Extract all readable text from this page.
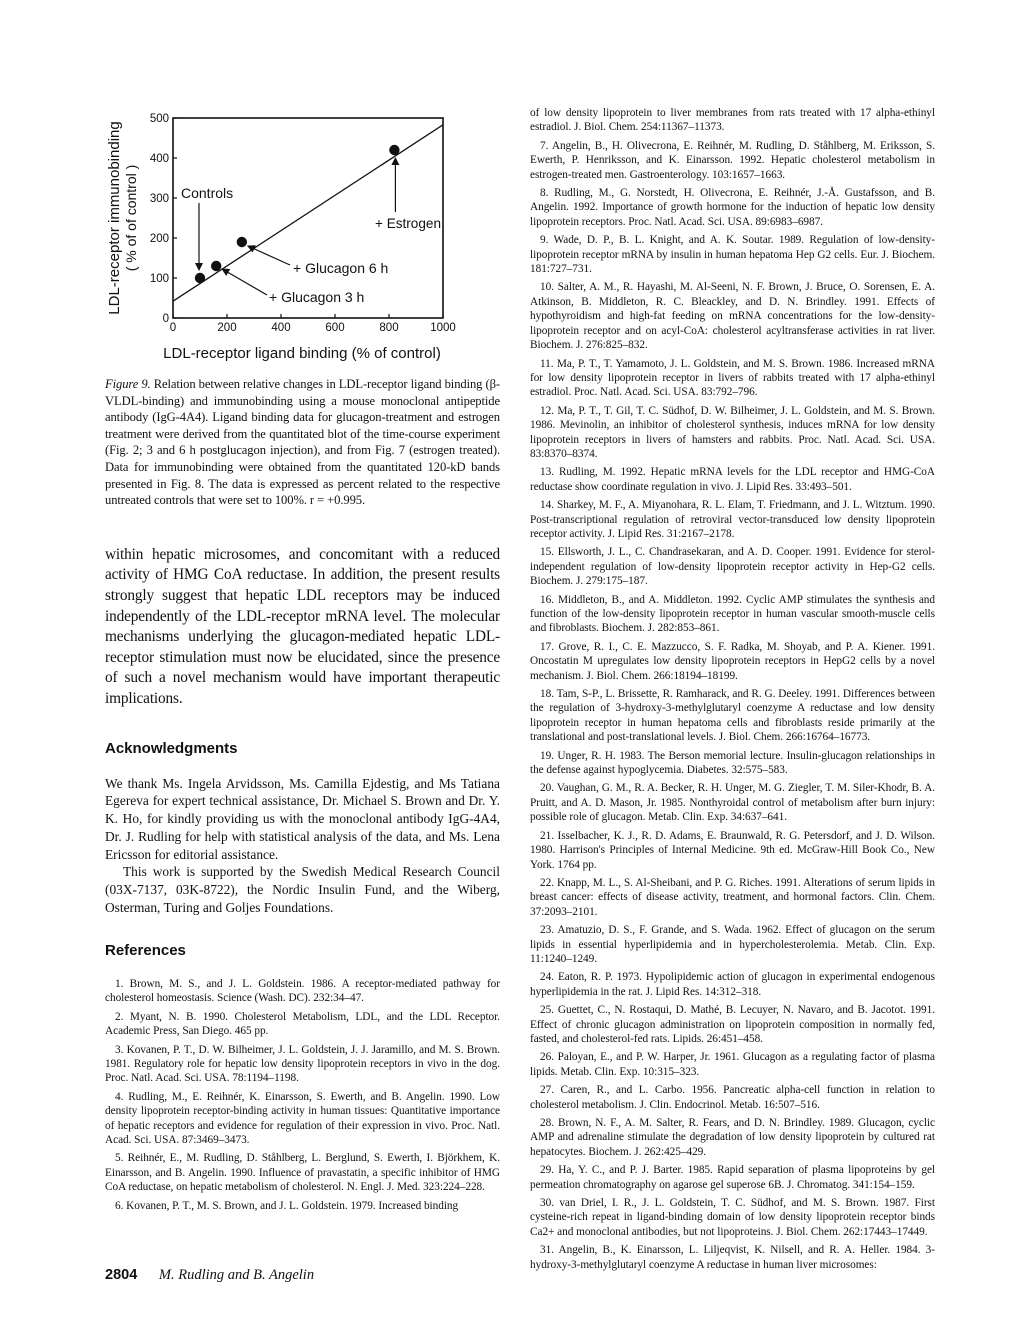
0	200	400	600	800	1000
0
100
200
300
400
500
Controls
+ Glucagon 6 h
+ Glucagon 3 h
+ Estrogen
LDL-receptor ligand binding (% of control)
LDL-receptor immunobinding ( % of of control )
Figure 9. Relation between relative changes in LDL-receptor ligand binding (β-VLDL-binding) and immunobinding using a mouse monoclonal antipeptide antibody (IgG-4A4). Ligand binding data for glucagon-treatment and estrogen treatment were derived from the quantitated blot of the time-course experiment (Fig. 2; 3 and 6 h postglucagon injection), and from Fig. 7 (estrogen treated). Data for immunobinding were obtained from the quantitated 120-kD bands presented in Fig. 8. The data is expressed as percent related to the respective untreated controls that were set to 100%. r = +0.995.
within hepatic microsomes, and concomitant with a reduced activity of HMG CoA reductase. In addition, the present results strongly suggest that hepatic LDL receptors may be induced independently of the LDL-receptor mRNA level. The molecular mechanisms underlying the glucagon-mediated hepatic LDL-receptor stimulation must now be elucidated, since the presence of such a novel mechanism would have important therapeutic implications.
Acknowledgments

We thank Ms. Ingela Arvidsson, Ms. Camilla Ejdestig, and Ms Tatiana Egereva for expert technical assistance, Dr. Michael S. Brown and Dr. Y. K. Ho, for kindly providing us with the monoclonal antibody IgG-4A4, Dr. J. Rudling for help with statistical analysis of the data, and Ms. Lena Ericsson for editorial assistance.

This work is supported by the Swedish Medical Research Council (03X-7137, 03K-8722), the Nordic Insulin Fund, and the Wiberg, Osterman, Turing and Goljes Foundations.

References

1. Brown, M. S., and J. L. Goldstein. 1986. A receptor-mediated pathway for cholesterol homeostasis. Science (Wash. DC). 232:34–47.

2. Myant, N. B. 1990. Cholesterol Metabolism, LDL, and the LDL Receptor. Academic Press, San Diego. 465 pp.

3. Kovanen, P. T., D. W. Bilheimer, J. L. Goldstein, J. J. Jaramillo, and M. S. Brown. 1981. Regulatory role for hepatic low density lipoprotein receptors in vivo in the dog. Proc. Natl. Acad. Sci. USA. 78:1194–1198.

4. Rudling, M., E. Reihnér, K. Einarsson, S. Ewerth, and B. Angelin. 1990. Low density lipoprotein receptor-binding activity in human tissues: Quantitative importance of hepatic receptors and evidence for regulation of their expression in vivo. Proc. Natl. Acad. Sci. USA. 87:3469–3473.

5. Reihnér, E., M. Rudling, D. Ståhlberg, L. Berglund, S. Ewerth, I. Björkhem, K. Einarsson, and B. Angelin. 1990. Influence of pravastatin, a specific inhibitor of HMG CoA reductase, on hepatic metabolism of cholesterol. N. Engl. J. Med. 323:224–228.

6. Kovanen, P. T., M. S. Brown, and J. L. Goldstein. 1979. Increased binding

of low density lipoprotein to liver membranes from rats treated with 17 alpha-ethinyl estradiol. J. Biol. Chem. 254:11367–11373.

7. Angelin, B., H. Olivecrona, E. Reihnér, M. Rudling, D. Ståhlberg, M. Eriksson, S. Ewerth, P. Henriksson, and K. Einarsson. 1992. Hepatic cholesterol metabolism in estrogen-treated men. Gastroenterology. 103:1657–1663.

8. Rudling, M., G. Norstedt, H. Olivecrona, E. Reihnér, J.-Å. Gustafsson, and B. Angelin. 1992. Importance of growth hormone for the induction of hepatic low density lipoprotein receptors. Proc. Natl. Acad. Sci. USA. 89:6983–6987.

9. Wade, D. P., B. L. Knight, and A. K. Soutar. 1989. Regulation of low-density-lipoprotein receptor mRNA by insulin in human hepatoma Hep G2 cells. Eur. J. Biochem. 181:727–731.

10. Salter, A. M., R. Hayashi, M. Al-Seeni, N. F. Brown, J. Bruce, O. Sorensen, E. A. Atkinson, B. Middleton, R. C. Bleackley, and D. N. Brindley. 1991. Effects of hypothyroidism and high-fat feeding on mRNA concentrations for the low-density-lipoprotein receptor and on acyl-CoA: cholesterol acyltransferase activities in rat liver. Biochem. J. 276:825–832.

11. Ma, P. T., T. Yamamoto, J. L. Goldstein, and M. S. Brown. 1986. Increased mRNA for low density lipoprotein receptor in livers of rabbits treated with 17 alpha-ethinyl estradiol. Proc. Natl. Acad. Sci. USA. 83:792–796.

12. Ma, P. T., T. Gil, T. C. Südhof, D. W. Bilheimer, J. L. Goldstein, and M. S. Brown. 1986. Mevinolin, an inhibitor of cholesterol synthesis, induces mRNA for low density lipoprotein receptors in livers of hamsters and rabbits. Proc. Natl. Acad. Sci. USA. 83:8370–8374.

13. Rudling, M. 1992. Hepatic mRNA levels for the LDL receptor and HMG-CoA reductase show coordinate regulation in vivo. J. Lipid Res. 33:493–501.

14. Sharkey, M. F., A. Miyanohara, R. L. Elam, T. Friedmann, and J. L. Witztum. 1990. Post-transcriptional regulation of retroviral vector-transduced low density lipoprotein receptor activity. J. Lipid Res. 31:2167–2178.

15. Ellsworth, J. L., C. Chandrasekaran, and A. D. Cooper. 1991. Evidence for sterol-independent regulation of low-density lipoprotein receptor activity in Hep-G2 cells. Biochem. J. 279:175–187.

16. Middleton, B., and A. Middleton. 1992. Cyclic AMP stimulates the synthesis and function of the low-density lipoprotein receptor in human vascular smooth-muscle cells and fibroblasts. Biochem. J. 282:853–861.

17. Grove, R. I., C. E. Mazzucco, S. F. Radka, M. Shoyab, and P. A. Kiener. 1991. Oncostatin M upregulates low density lipoprotein receptors in HepG2 cells by a novel mechanism. J. Biol. Chem. 266:18194–18199.

18. Tam, S-P., L. Brissette, R. Ramharack, and R. G. Deeley. 1991. Differences between the regulation of 3-hydroxy-3-methylglutaryl coenzyme A reductase and low density lipoprotein receptor in human hepatoma cells and fibroblasts reside primarily at the translational and post-translational levels. J. Biol. Chem. 266:16764–16773.

19. Unger, R. H. 1983. The Berson memorial lecture. Insulin-glucagon relationships in the defense against hypoglycemia. Diabetes. 32:575–583.

20. Vaughan, G. M., R. A. Becker, R. H. Unger, M. G. Ziegler, T. M. Siler-Khodr, B. A. Pruitt, and A. D. Mason, Jr. 1985. Nonthyroidal control of metabolism after burn injury: possible role of glucagon. Metab. Clin. Exp. 34:637–641.

21. Isselbacher, K. J., R. D. Adams, E. Braunwald, R. G. Petersdorf, and J. D. Wilson. 1980. Harrison's Principles of Internal Medicine. 9th ed. McGraw-Hill Book Co., New York. 1764 pp.

22. Knapp, M. L., S. Al-Sheibani, and P. G. Riches. 1991. Alterations of serum lipids in breast cancer: effects of disease activity, treatment, and hormonal factors. Clin. Chem. 37:2093–2101.

23. Amatuzio, D. S., F. Grande, and S. Wada. 1962. Effect of glucagon on the serum lipids in essential hyperlipidemia and in hypercholesterolemia. Metab. Clin. Exp. 11:1240–1249.

24. Eaton, R. P. 1973. Hypolipidemic action of glucagon in experimental endogenous hyperlipidemia in the rat. J. Lipid Res. 14:312–318.

25. Guettet, C., N. Rostaqui, D. Mathé, B. Lecuyer, N. Navaro, and B. Jacotot. 1991. Effect of chronic glucagon administration on lipoprotein composition in normally fed, fasted, and cholesterol-fed rats. Lipids. 26:451–458.

26. Paloyan, E., and P. W. Harper, Jr. 1961. Glucagon as a regulating factor of plasma lipids. Metab. Clin. Exp. 10:315–323.

27. Caren, R., and L. Carbo. 1956. Pancreatic alpha-cell function in relation to cholesterol metabolism. J. Clin. Endocrinol. Metab. 16:507–516.

28. Brown, N. F., A. M. Salter, R. Fears, and D. N. Brindley. 1989. Glucagon, cyclic AMP and adrenaline stimulate the degradation of low density lipoprotein by cultured rat hepatocytes. Biochem. J. 262:425–429.

29. Ha, Y. C., and P. J. Barter. 1985. Rapid separation of plasma lipoproteins by gel permeation chromatography on agarose gel superose 6B. J. Chromatog. 341:154–159.

30. van Driel, I. R., J. L. Goldstein, T. C. Südhof, and M. S. Brown. 1987. First cysteine-rich repeat in ligand-binding domain of low density lipoprotein receptor binds Ca2+ and monoclonal antibodies, but not lipoproteins. J. Biol. Chem. 262:17443–17449.

31. Angelin, B., K. Einarsson, L. Liljeqvist, K. Nilsell, and R. A. Heller. 1984. 3-hydroxy-3-methylglutaryl coenzyme A reductase in human liver microsomes:

2804 M. Rudling and B. Angelin
